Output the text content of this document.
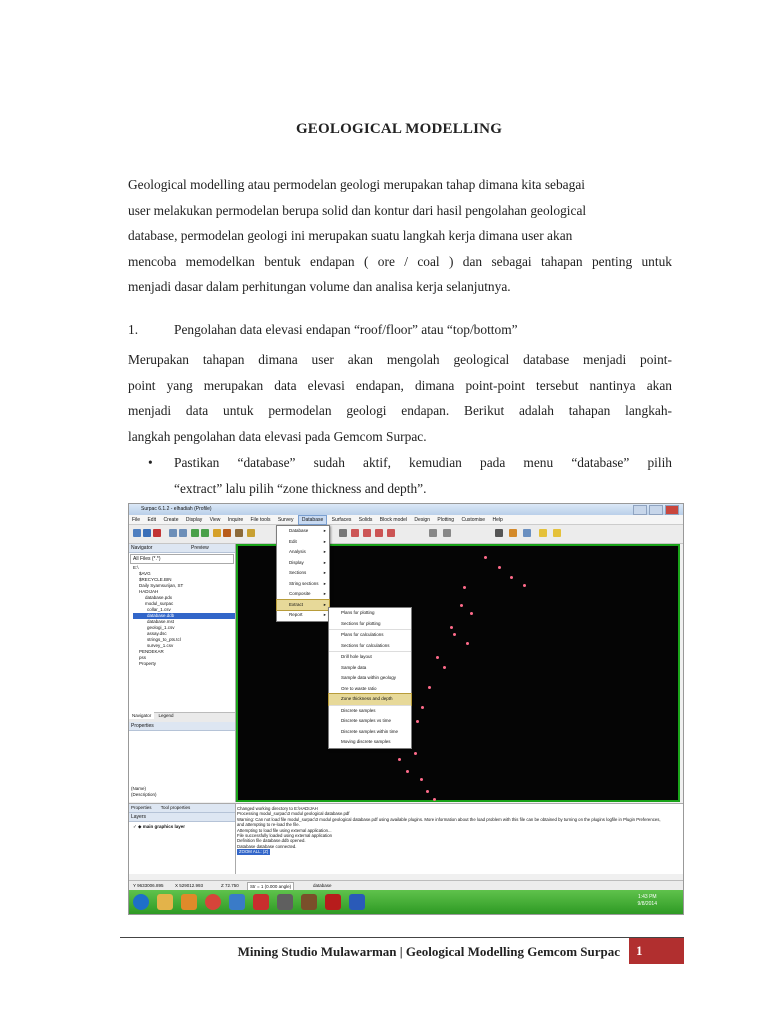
GEOLOGICAL MODELLING
Geological modelling atau permodelan geologi merupakan tahap dimana kita sebagai
user melakukan permodelan berupa solid dan kontur dari hasil pengolahan geological
database, permodelan geologi ini merupakan suatu langkah kerja dimana user akan
mencoba memodelkan bentuk endapan ( ore / coal ) dan sebagai tahapan penting untuk
menjadi dasar dalam perhitungan volume dan analisa kerja selanjutnya.
1.	Pengolahan data elevasi endapan “roof/floor” atau “top/bottom”
Merupakan tahapan dimana user akan mengolah geological database menjadi point-
point yang merupakan data elevasi endapan, dimana point-point tersebut nantinya akan
menjadi data untuk permodelan geologi endapan. Berikut adalah tahapan langkah-
langkah pengolahan data elevasi pada Gemcom Surpac.
• Pastikan “database” sudah aktif, kemudian pada menu “database” pilih
“extract” lalu pilih “zone thickness and depth”.
Surpac 6.1.2 - elhadiah (Profile)
File Edit Create Display View Inquire File tools Survey Database Surfaces Solids Block model Design Plotting Customise Help
Navigator	Preview
All Files (*.*)
E:\
$AVG
$RECYCLE.BIN
Daily Syamsurijan, ST
HADIJAH
database.pdx
modul_surpac
collar_1.csv
database.ddb
database.mst
geologi_1.csv
assay.dsc
strings_to_pts.tcl
survey_1.csv
PENDEKAR
pss
Property
Navigator Legend
Properties
(Name)
(Description)
Database	▸
Edit	▸
Analysis	▸
Display	▸
Sections	▸
String sections ▸
Composite	▸
Extract	▸
Report	▸	Plans for plotting
Sections for plotting
Plans for calculations
Sections for calculations
Drill hole layout
Sample data
Sample data within geology
Ore to waste ratio
Zone thickness and depth
Discrete samples
Discrete samples vs time
Discrete samples within time
Moving discrete samples
Properties Tool properties
Layers
✓ ◆ main graphics layer
Changed working directory to E:\HADIJAH
Processing modul_surpac\3 modul geological database.pdf
Warning: Can not load file modul_surpac\3 modul geological database.pdf using available plugins. More information about the load problem with this file can be obtained by turning on the plugins logfile in Plugin Preferences,
and attempting to re-load the file.
Attempting to load file using external application...
File successfully loaded using external application
Definition file database.ddb opened.
Database database connected.
ZOOM ALL: (Z)
Y 9633006.895	X 529012.993	Z 72.750	Str = 1 (0.000 angle)	database
1:43 PM
9/8/2014
Mining Studio Mulawarman | Geological Modelling Gemcom Surpac	1
